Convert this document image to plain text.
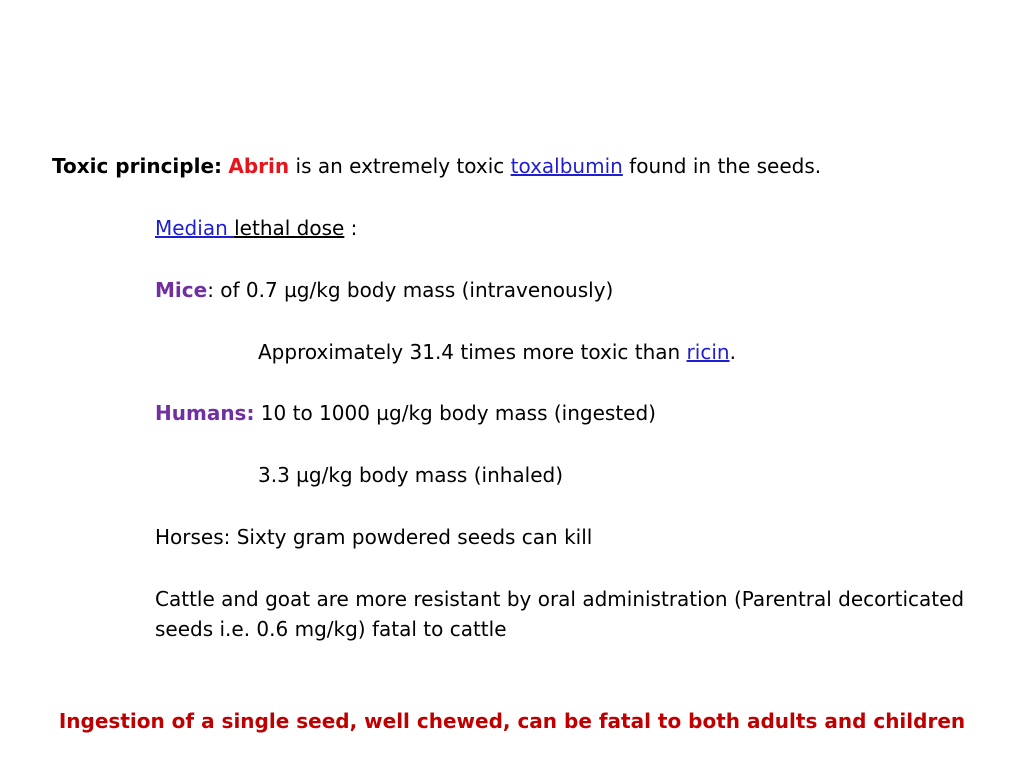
Toxic principle: Abrin is an extremely toxic toxalbumin found in the seeds.
Median lethal dose :
Mice: of 0.7 µg/kg body mass (intravenously)
Approximately 31.4 times more toxic than ricin.
Humans: 10 to 1000 µg/kg body mass (ingested)
3.3 µg/kg body mass (inhaled)
Horses: Sixty gram powdered seeds can kill
Cattle and goat are more resistant by oral administration (Parentral decorticated
seeds i.e. 0.6 mg/kg) fatal to cattle
Ingestion of a single seed, well chewed, can be fatal to both adults and children
